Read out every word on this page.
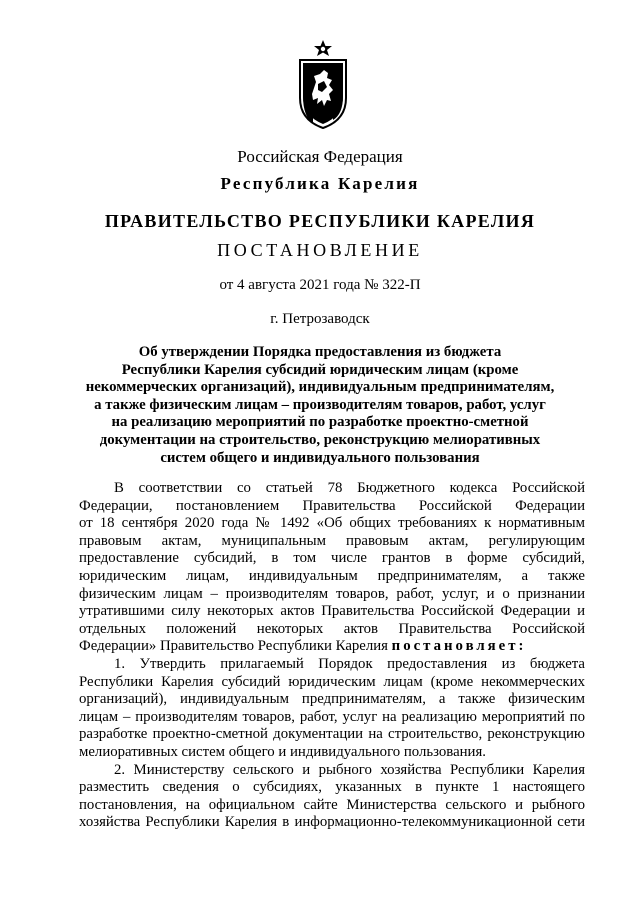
Российская Федерация
Республика Карелия
ПРАВИТЕЛЬСТВО РЕСПУБЛИКИ КАРЕЛИЯ
ПОСТАНОВЛЕНИЕ
от 4 августа 2021 года № 322-П
г. Петрозаводск
Об утверждении Порядка предоставления из бюджета
Республики Карелия субсидий юридическим лицам (кроме
некоммерческих организаций), индивидуальным предпринимателям,
а также физическим лицам – производителям товаров, работ, услуг
на реализацию мероприятий по разработке проектно-сметной
документации на строительство, реконструкцию мелиоративных
систем общего и индивидуального пользования
В соответствии со статьей 78 Бюджетного кодекса Российской
Федерации, постановлением Правительства Российской Федерации
от 18 сентября 2020 года № 1492 «Об общих требованиях к нормативным
правовым актам, муниципальным правовым актам, регулирующим
предоставление субсидий, в том числе грантов в форме субсидий,
юридическим лицам, индивидуальным предпринимателям, а также
физическим лицам – производителям товаров, работ, услуг, и о признании
утратившими силу некоторых актов Правительства Российской Федерации и
отдельных положений некоторых актов Правительства Российской
Федерации» Правительство Республики Карелия постановляет:
1. Утвердить прилагаемый Порядок предоставления из бюджета
Республики Карелия субсидий юридическим лицам (кроме некоммерческих
организаций), индивидуальным предпринимателям, а также физическим
лицам – производителям товаров, работ, услуг на реализацию мероприятий по
разработке проектно-сметной документации на строительство, реконструкцию
мелиоративных систем общего и индивидуального пользования.
2. Министерству сельского и рыбного хозяйства Республики Карелия
разместить сведения о субсидиях, указанных в пункте 1 настоящего
постановления, на официальном сайте Министерства сельского и рыбного
хозяйства Республики Карелия в информационно-телекоммуникационной сети
